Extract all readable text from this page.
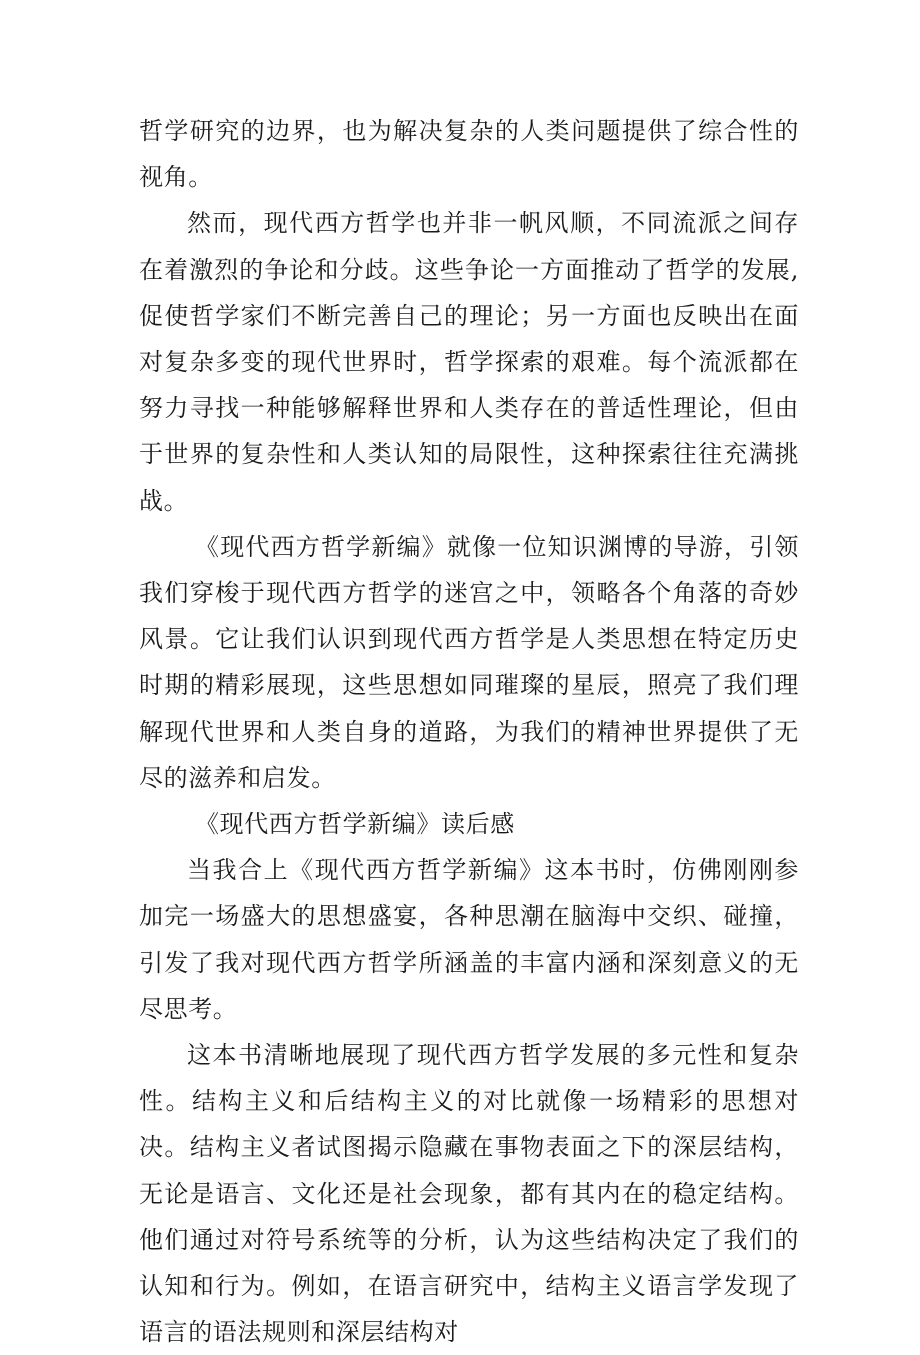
哲学研究的边界，也为解决复杂的人类问题提供了综合性的视角。

然而，现代西方哲学也并非一帆风顺，不同流派之间存在着激烈的争论和分歧。这些争论一方面推动了哲学的发展,促使哲学家们不断完善自己的理论；另一方面也反映出在面对复杂多变的现代世界时，哲学探索的艰难。每个流派都在努力寻找一种能够解释世界和人类存在的普适性理论，但由于世界的复杂性和人类认知的局限性，这种探索往往充满挑战。

《现代西方哲学新编》就像一位知识渊博的导游，引领我们穿梭于现代西方哲学的迷宫之中，领略各个角落的奇妙风景。它让我们认识到现代西方哲学是人类思想在特定历史时期的精彩展现，这些思想如同璀璨的星辰，照亮了我们理解现代世界和人类自身的道路，为我们的精神世界提供了无尽的滋养和启发。

《现代西方哲学新编》读后感

当我合上《现代西方哲学新编》这本书时，仿佛刚刚参加完一场盛大的思想盛宴，各种思潮在脑海中交织、碰撞，引发了我对现代西方哲学所涵盖的丰富内涵和深刻意义的无尽思考。

这本书清晰地展现了现代西方哲学发展的多元性和复杂性。结构主义和后结构主义的对比就像一场精彩的思想对决。结构主义者试图揭示隐藏在事物表面之下的深层结构，无论是语言、文化还是社会现象，都有其内在的稳定结构。他们通过对符号系统等的分析，认为这些结构决定了我们的认知和行为。例如，在语言研究中，结构主义语言学发现了语言的语法规则和深层结构对
